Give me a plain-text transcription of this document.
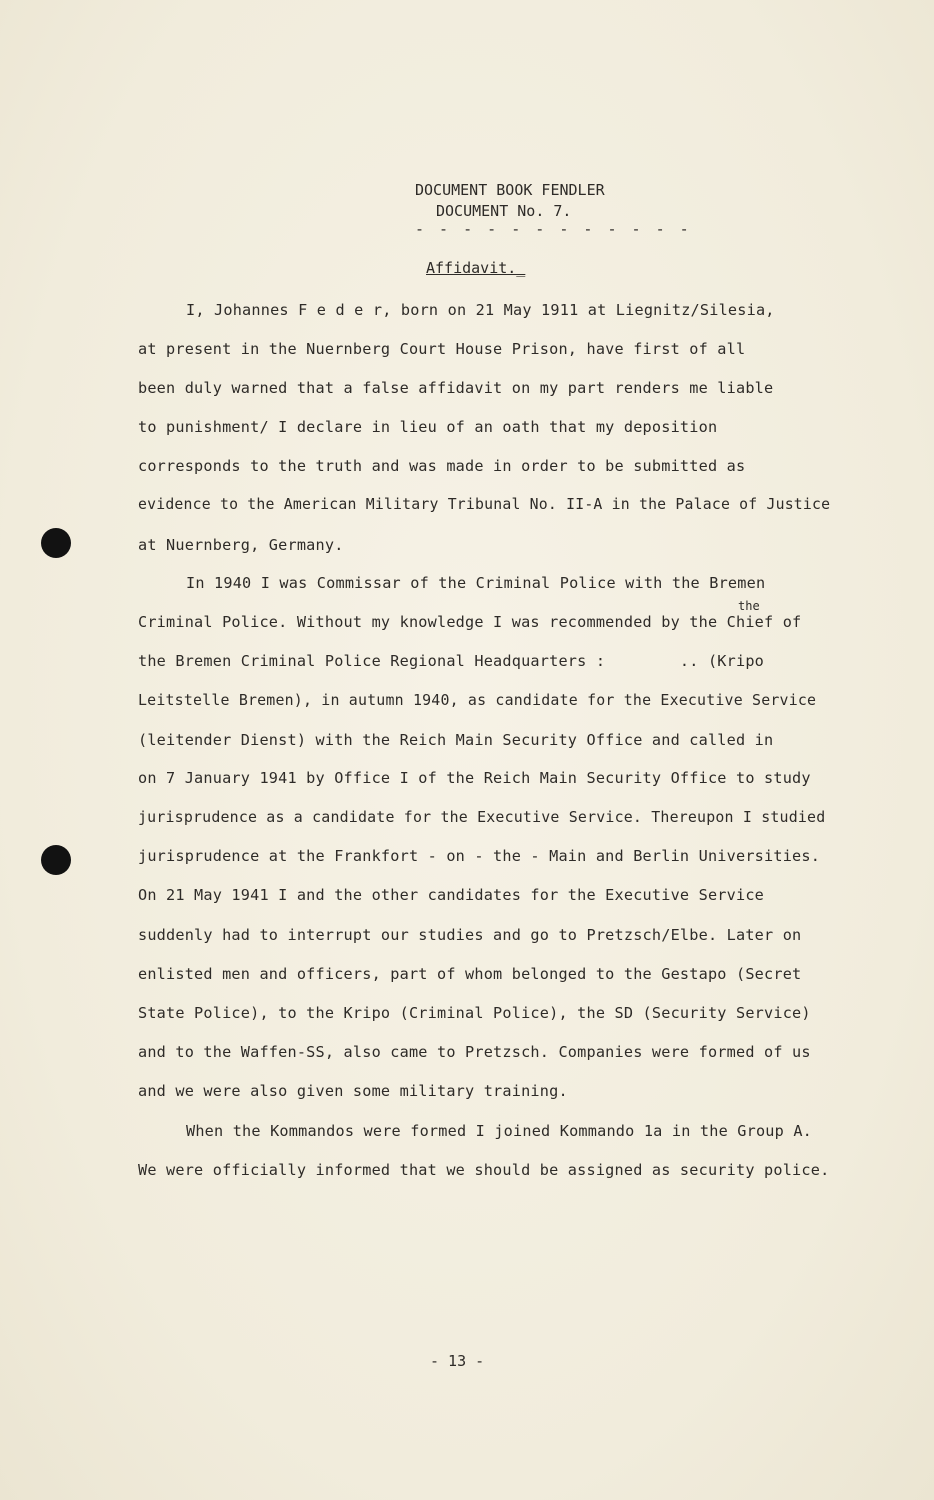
DOCUMENT BOOK FENDLER
DOCUMENT No. 7.
- - - - - - - - - - - -
Affidavit._
I, Johannes F e d e r, born on 21 May 1911 at Liegnitz/Silesia,
at present in the Nuernberg Court House Prison, have first of all
been duly warned that a false affidavit on my part renders me liable
to punishment/ I declare in lieu of an oath that my deposition
corresponds to the truth and was made in order to be submitted as
evidence to the American Military Tribunal No. II-A in the Palace of Justice
at Nuernberg, Germany.
In 1940 I was Commissar of the Criminal Police with the Bremen
the
Criminal Police. Without my knowledge I was recommended by the Chief of
the Bremen Criminal Police Regional Headquarters :        .. (Kripo
Leitstelle Bremen), in autumn 1940, as candidate for the Executive Service
(leitender Dienst) with the Reich Main Security Office and called in
on 7 January 1941 by Office I of the Reich Main Security Office to study
jurisprudence as a candidate for the Executive Service. Thereupon I studied
jurisprudence at the Frankfort - on - the - Main and Berlin Universities.
On 21 May 1941 I and the other candidates for the Executive Service
suddenly had to interrupt our studies and go to Pretzsch/Elbe. Later on
enlisted men and officers, part of whom belonged to the Gestapo (Secret
State Police), to the Kripo (Criminal Police), the SD (Security Service)
and to the Waffen-SS, also came to Pretzsch. Companies were formed of us
and we were also given some military training.
When the Kommandos were formed I joined Kommando 1a in the Group A.
We were officially informed that we should be assigned as security police.
- 13 -
